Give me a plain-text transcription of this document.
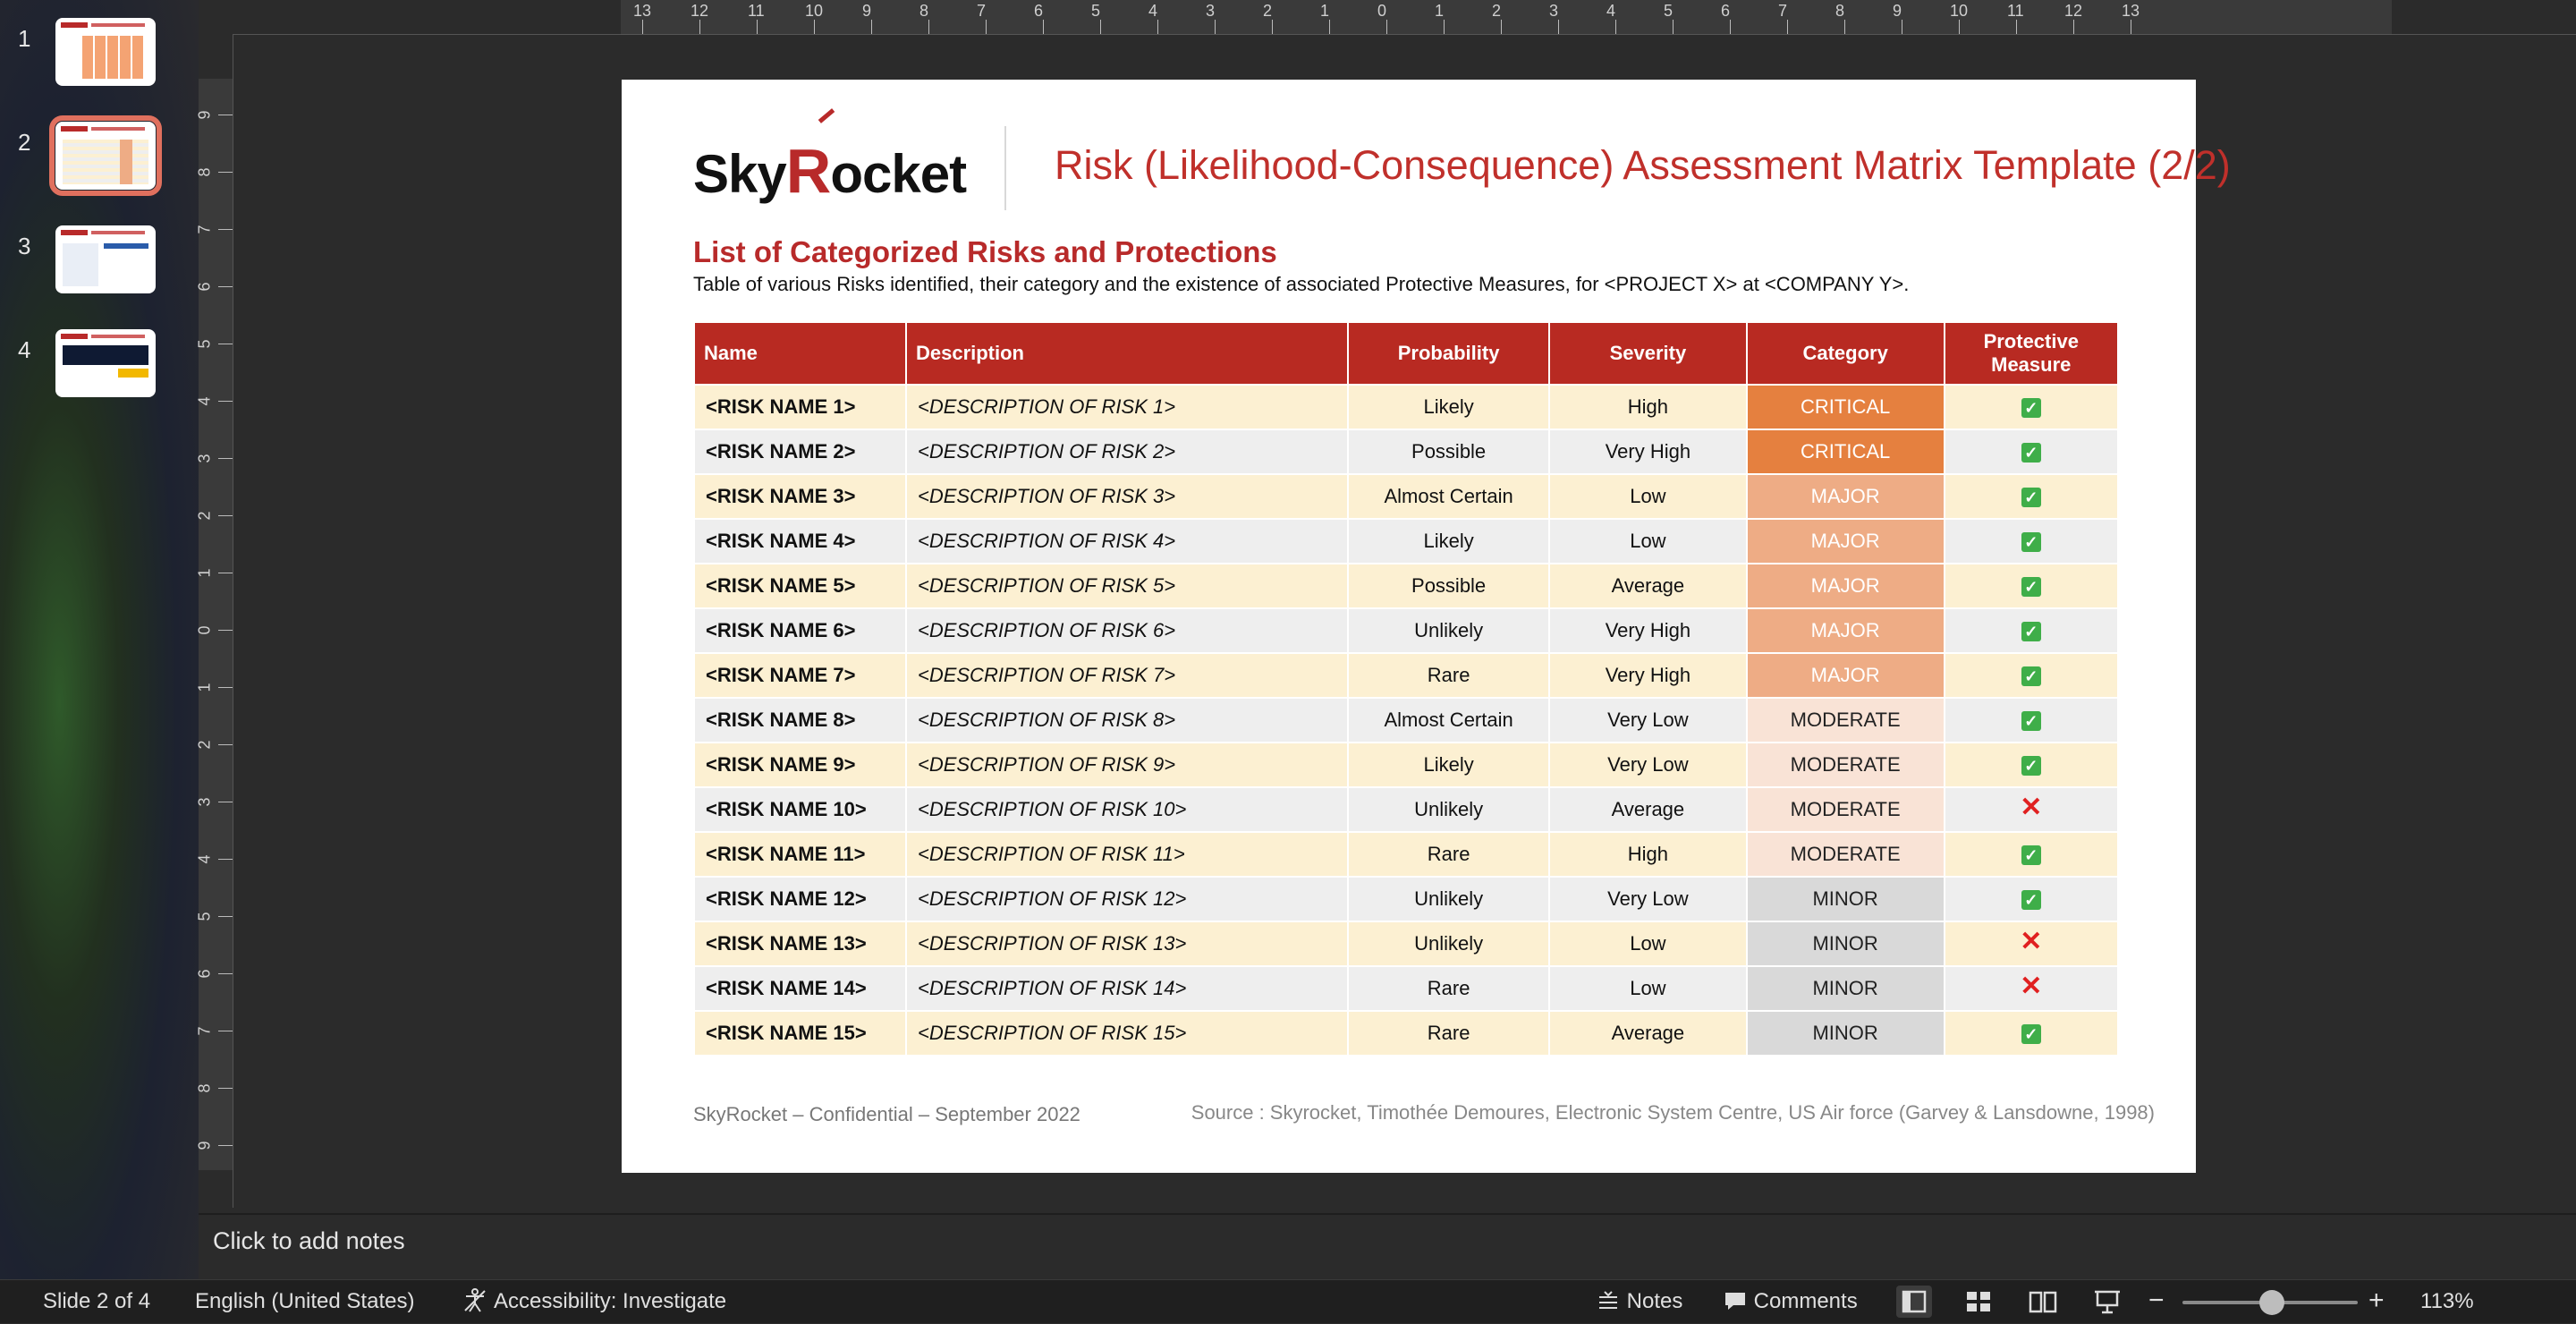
1
2
3
4
13 12 11	10 9	8	7	6	5	4	3	2	1	0	1	2	3	4	5	6	7	8	9	10 11	12 13
9
8
7
6
5
4
3
2
1
0
1
2
3
4
5
6
7
8
9
SkyR
ocket Risk (Likelihood-Consequence) Assessment Matrix Template (2/2)
List of Categorized Risks and Protections
Table of various Risks identified, their category and the existence of associated Protective Measures, for <PROJECT X> at <COMPANY Y>.
Name	Description	Probability	Severity	Category	Protective Measure
<RISK NAME 1>	<DESCRIPTION OF RISK 1>	Likely	High	CRITICAL	✓
<RISK NAME 2>	<DESCRIPTION OF RISK 2>	Possible	Very High	CRITICAL	✓
<RISK NAME 3>	<DESCRIPTION OF RISK 3>	Almost Certain	Low	MAJOR	✓
<RISK NAME 4>	<DESCRIPTION OF RISK 4>	Likely	Low	MAJOR	✓
<RISK NAME 5>	<DESCRIPTION OF RISK 5>	Possible	Average	MAJOR	✓
<RISK NAME 6>	<DESCRIPTION OF RISK 6>	Unlikely	Very High	MAJOR	✓
<RISK NAME 7>	<DESCRIPTION OF RISK 7>	Rare	Very High	MAJOR	✓
<RISK NAME 8>	<DESCRIPTION OF RISK 8>	Almost Certain	Very Low	MODERATE	✓
<RISK NAME 9>	<DESCRIPTION OF RISK 9>	Likely	Very Low	MODERATE	✓
<RISK NAME 10>	<DESCRIPTION OF RISK 10>	Unlikely	Average	MODERATE	✕
<RISK NAME 11>	<DESCRIPTION OF RISK 11>	Rare	High	MODERATE	✓
<RISK NAME 12>	<DESCRIPTION OF RISK 12>	Unlikely	Very Low	MINOR	✓
<RISK NAME 13>	<DESCRIPTION OF RISK 13>	Unlikely	Low	MINOR	✕
<RISK NAME 14>	<DESCRIPTION OF RISK 14>	Rare	Low	MINOR	✕
<RISK NAME 15>	<DESCRIPTION OF RISK 15>	Rare	Average	MINOR	✓
SkyRocket – Confidential – September 2022	Source : Skyrocket, Timothée Demoures, Electronic System Centre, US Air force (Garvey & Lansdowne, 1998)
Click to add notes
Slide 2 of 4 English (United States)	Accessibility: Investigate	Notes	Comments	−	+ 113%
